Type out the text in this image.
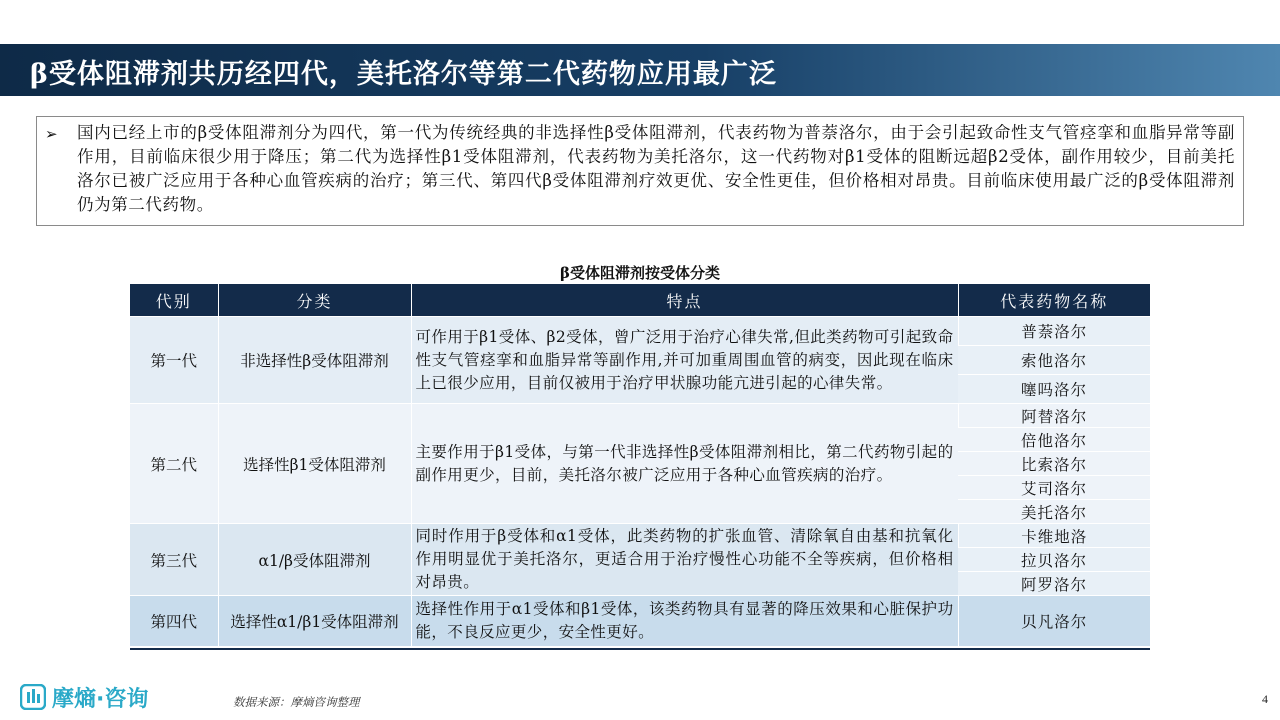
β受体阻滞剂共历经四代，美托洛尔等第二代药物应用最广泛
➢ 国内已经上市的β受体阻滞剂分为四代，第一代为传统经典的非选择性β受体阻滞剂，代表药物为普萘洛尔，由于会引起致命性支气管痉挛和血脂异常等副作用，目前临床很少用于降压；第二代为选择性β1受体阻滞剂，代表药物为美托洛尔，这一代药物对β1受体的阻断远超β2受体，副作用较少，目前美托洛尔已被广泛应用于各种心血管疾病的治疗；第三代、第四代β受体阻滞剂疗效更优、安全性更佳，但价格相对昂贵。目前临床使用最广泛的β受体阻滞剂仍为第二代药物。
β受体阻滞剂按受体分类
代别	分类	特点	代表药物名称
第一代	非选择性β受体阻滞剂	可作用于β1受体、β2受体，曾广泛用于治疗心律失常,但此类药物可引起致命性支气管痉挛和血脂异常等副作用,并可加重周围血管的病变，因此现在临床上已很少应用，目前仅被用于治疗甲状腺功能亢进引起的心律失常。	普萘洛尔
			索他洛尔
			噻吗洛尔
第二代	选择性β1受体阻滞剂	主要作用于β1受体，与第一代非选择性β受体阻滞剂相比，第二代药物引起的副作用更少，目前，美托洛尔被广泛应用于各种心血管疾病的治疗。	阿替洛尔
			倍他洛尔
			比索洛尔
			艾司洛尔
			美托洛尔
第三代	α1/β受体阻滞剂	同时作用于β受体和α1受体，此类药物的扩张血管、清除氧自由基和抗氧化作用明显优于美托洛尔，更适合用于治疗慢性心功能不全等疾病，但价格相对昂贵。	卡维地洛
			拉贝洛尔
			阿罗洛尔
第四代	选择性α1/β1受体阻滞剂	选择性作用于α1受体和β1受体，该类药物具有显著的降压效果和心脏保护功能，不良反应更少，安全性更好。	贝凡洛尔
摩熵·咨询	数据来源：摩熵咨询整理	4
